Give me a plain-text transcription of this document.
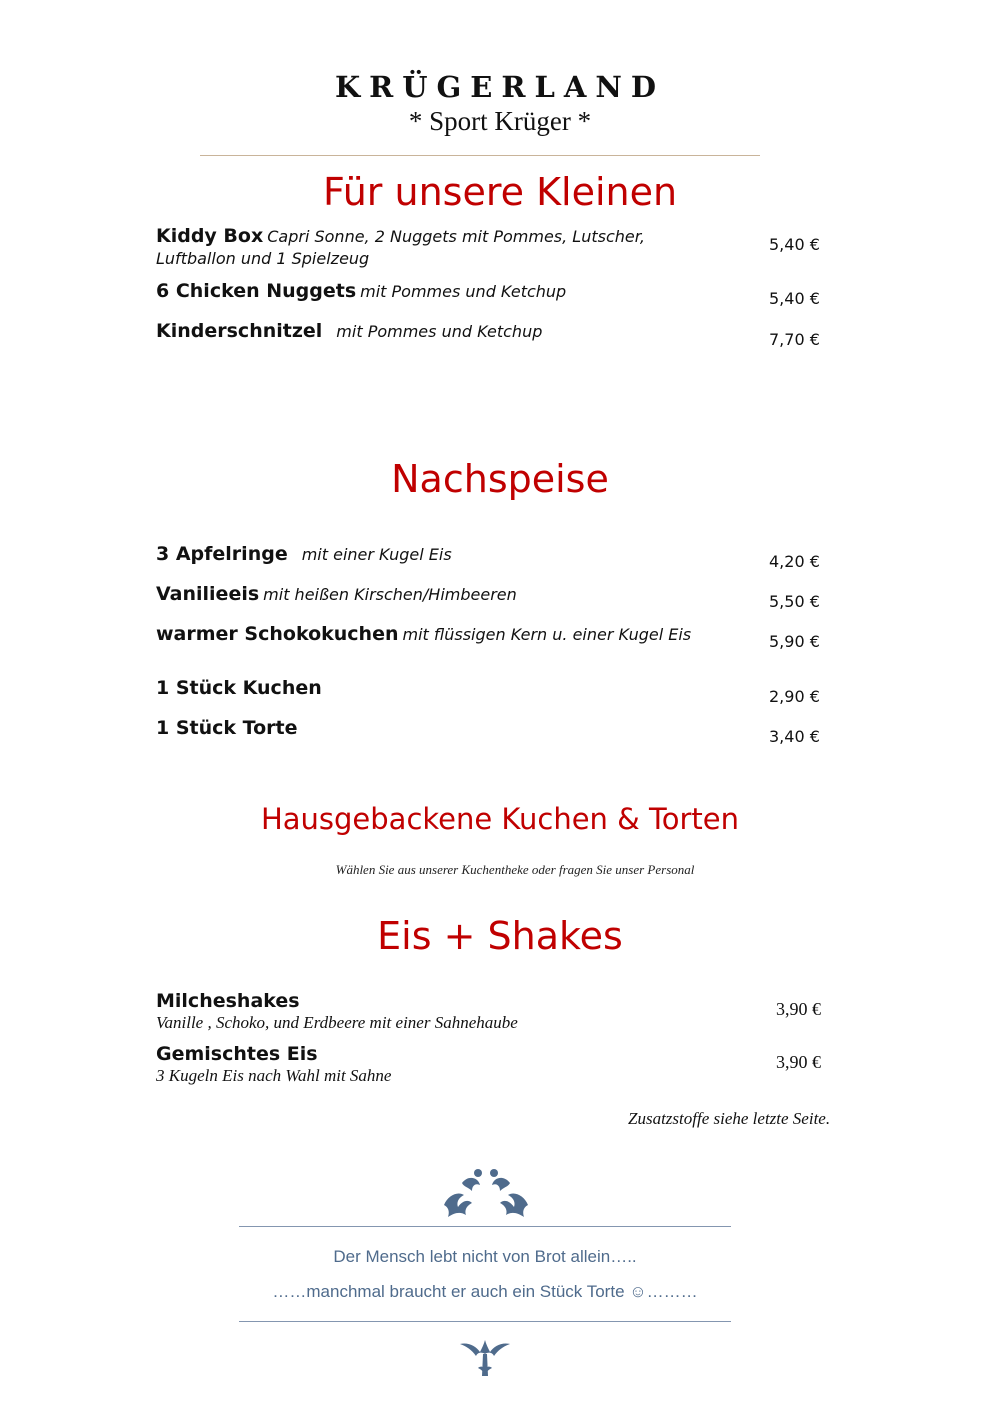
KRÜGERLAND
* Sport Krüger *
Für unsere Kleinen
Kiddy Box Capri Sonne, 2 Nuggets mit Pommes, Lutscher, Luftballon und 1 Spielzeug
5,40 €
6 Chicken Nuggets mit Pommes und Ketchup	5,40 €
Kinderschnitzel mit Pommes und Ketchup	7,70 €
Nachspeise
3 Apfelringe mit einer Kugel Eis	4,20 €
Vanilieeis mit heißen Kirschen/Himbeeren	5,50 €
warmer Schokokuchen mit flüssigen Kern u. einer Kugel Eis	5,90 €
1 Stück Kuchen	2,90 €
1 Stück Torte	3,40 €
Hausgebackene Kuchen & Torten
Wählen Sie aus unserer Kuchentheke oder fragen Sie unser Personal
Eis + Shakes
Milcheshakes
Vanille , Schoko, und Erdbeere mit einer Sahnehaube
3,90 €
Gemischtes Eis
3 Kugeln Eis nach Wahl mit Sahne
3,90 €
Zusatzstoffe siehe letzte Seite.
Der Mensch lebt nicht von Brot allein…..
……manchmal braucht er auch ein Stück Torte ☺………
